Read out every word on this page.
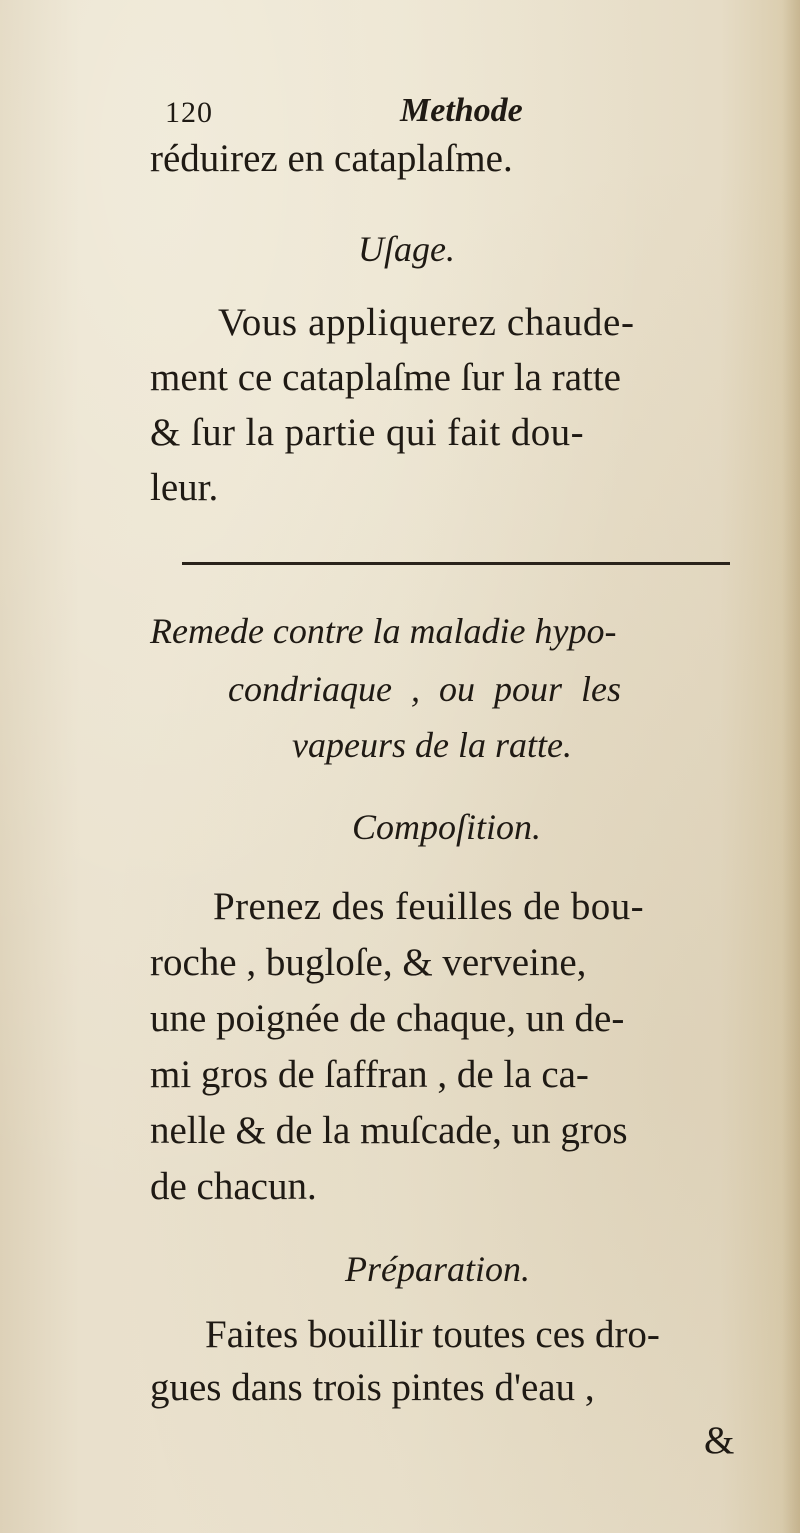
120	Methode
réduirez en cataplaſme.
Uſage.
Vous appliquerez chaude-
ment ce cataplaſme ſur la ratte
& ſur la partie qui fait dou-
leur.
Remede contre la maladie hypo-
condriaque , ou pour les
vapeurs de la ratte.
Compoſition.
Prenez des feuilles de bou-
roche , bugloſe, & verveine,
une poignée de chaque, un de-
mi gros de ſaffran , de la ca-
nelle & de la muſcade, un gros
de chacun.
Préparation.
Faites bouillir toutes ces dro-
gues dans trois pintes d'eau ,
&
